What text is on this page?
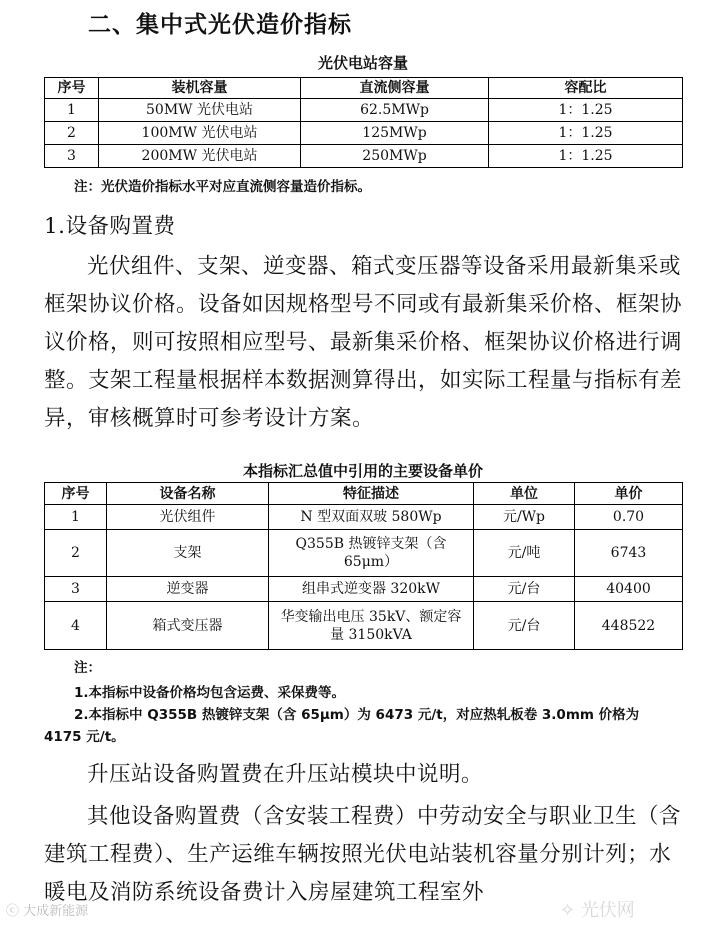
二、集中式光伏造价指标
光伏电站容量
序号	装机容量	直流侧容量	容配比
1	50MW 光伏电站	62.5MWp	1：1.25
2	100MW 光伏电站	125MWp	1：1.25
3	200MW 光伏电站	250MWp	1：1.25
注：光伏造价指标水平对应直流侧容量造价指标。
1.设备购置费
光伏组件、支架、逆变器、箱式变压器等设备采用最新集采或框架协议价格。设备如因规格型号不同或有最新集采价格、框架协议价格，则可按照相应型号、最新集采价格、框架协议价格进行调整。支架工程量根据样本数据测算得出，如实际工程量与指标有差异，审核概算时可参考设计方案。
本指标汇总值中引用的主要设备单价
序号	设备名称	特征描述	单位	单价
1	光伏组件	N 型双面双玻 580Wp	元/Wp	0.70
2	支架	Q355B 热镀锌支架（含 65μm）	元/吨	6743
3	逆变器	组串式逆变器 320kW	元/台	40400
4	箱式变压器	华变输出电压 35kV、额定容量 3150kVA	元/台	448522
注：
1.本指标中设备价格均包含运费、采保费等。
2.本指标中 Q355B 热镀锌支架（含 65μm）为 6473 元/t，对应热轧板卷 3.0mm 价格为 4175 元/t。
升压站设备购置费在升压站模块中说明。
其他设备购置费（含安装工程费）中劳动安全与职业卫生（含建筑工程费）、生产运维车辆按照光伏电站装机容量分别计列；水暖电及消防系统设备费计入房屋建筑工程室外
ⓒ 大成新能源	✧ 光伏网
